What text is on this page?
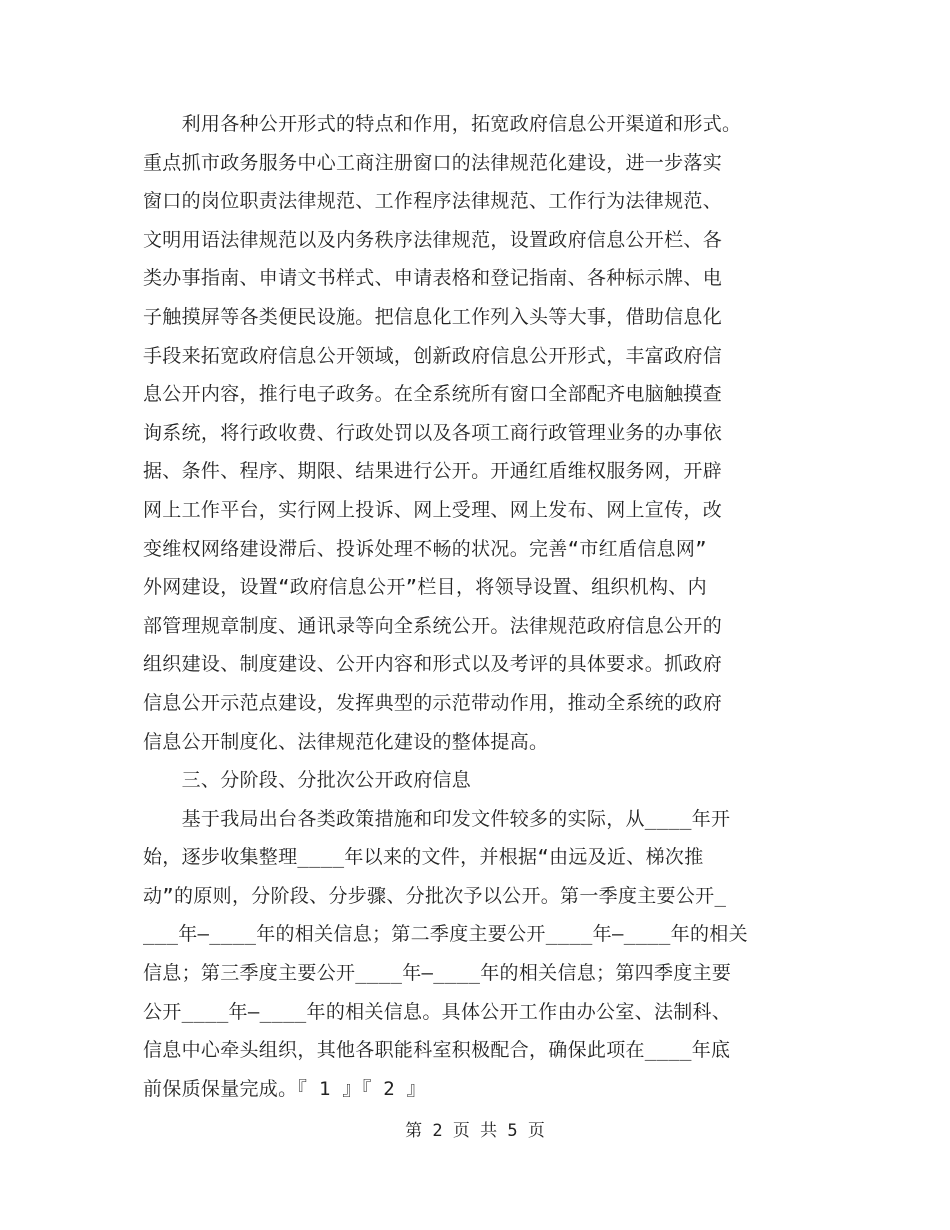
　　利用各种公开形式的特点和作用，拓宽政府信息公开渠道和形式。
重点抓市政务服务中心工商注册窗口的法律规范化建设，进一步落实
窗口的岗位职责法律规范、工作程序法律规范、工作行为法律规范、
文明用语法律规范以及内务秩序法律规范，设置政府信息公开栏、各
类办事指南、申请文书样式、申请表格和登记指南、各种标示牌、电
子触摸屏等各类便民设施。把信息化工作列入头等大事，借助信息化
手段来拓宽政府信息公开领域，创新政府信息公开形式，丰富政府信
息公开内容，推行电子政务。在全系统所有窗口全部配齐电脑触摸查
询系统，将行政收费、行政处罚以及各项工商行政管理业务的办事依
据、条件、程序、期限、结果进行公开。开通红盾维权服务网，开辟
网上工作平台，实行网上投诉、网上受理、网上发布、网上宣传，改
变维权网络建设滞后、投诉处理不畅的状况。完善“市红盾信息网”
外网建设，设置“政府信息公开”栏目，将领导设置、组织机构、内
部管理规章制度、通讯录等向全系统公开。法律规范政府信息公开的
组织建设、制度建设、公开内容和形式以及考评的具体要求。抓政府
信息公开示范点建设，发挥典型的示范带动作用，推动全系统的政府
信息公开制度化、法律规范化建设的整体提高。
　　三、分阶段、分批次公开政府信息
　　基于我局出台各类政策措施和印发文件较多的实际，从____年开
始，逐步收集整理____年以来的文件，并根据“由远及近、梯次推
动”的原则，分阶段、分步骤、分批次予以公开。第一季度主要公开_
___年—____年的相关信息；第二季度主要公开____年—____年的相关
信息；第三季度主要公开____年—____年的相关信息；第四季度主要
公开____年—____年的相关信息。具体公开工作由办公室、法制科、
信息中心牵头组织，其他各职能科室积极配合，确保此项在____年底
前保质保量完成。『 1 』『 2 』
第 2 页 共 5 页
